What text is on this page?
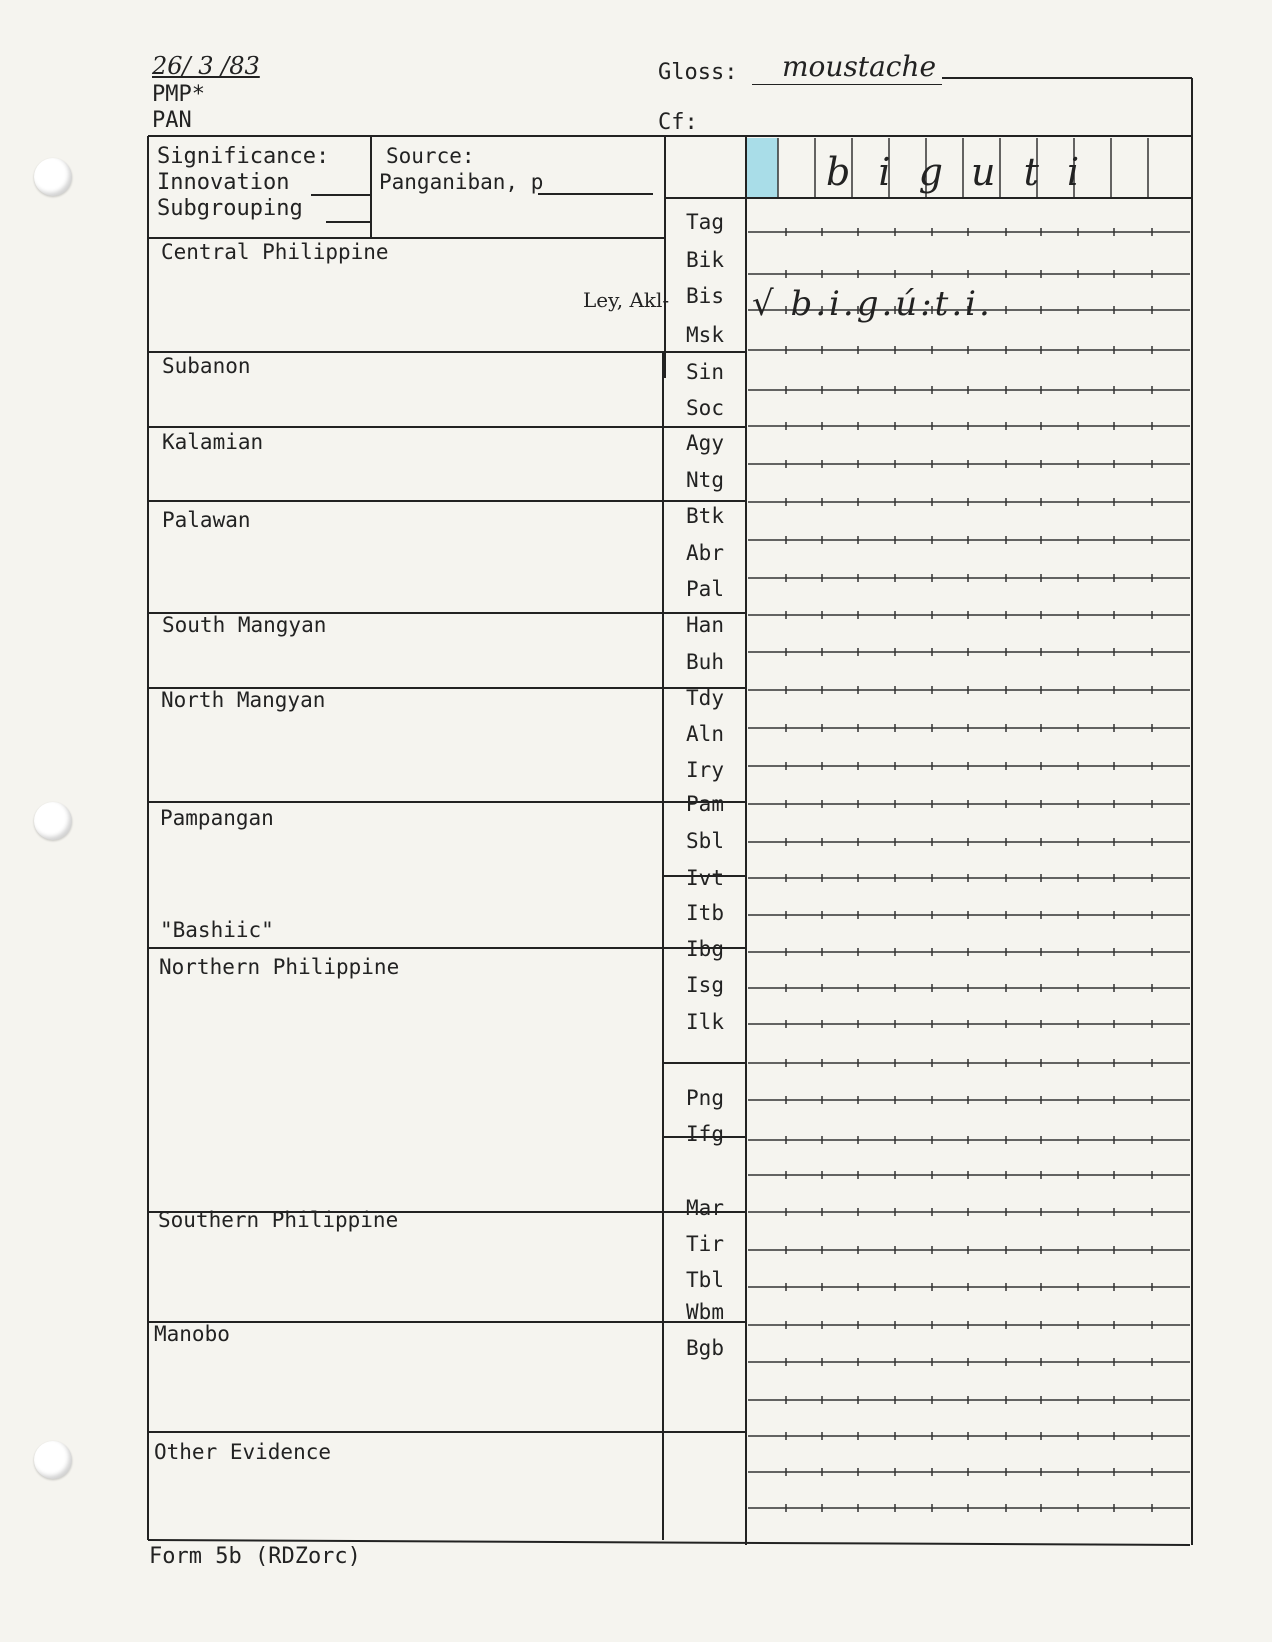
26/ 3 /83
PMP*
PAN
Gloss: moustache
Cf:
Significance:
Innovation
Subgrouping
Source:
Panganiban, p	b i g u t i
Central Philippine
Subanon
Kalamian
Palawan
South Mangyan
North Mangyan
Pampangan
"Bashiic"
Northern Philippine
Southern Philippine
Manobo
Other Evidence
Ley, Akl-
Tag
Bik
Bis
Msk
Sin
Soc
Agy
Ntg
Btk
Abr
Pal
Han
Buh
Tdy
Aln
Iry
Pam
Sbl
Ivt
Itb
Ibg
Isg
Ilk
Png
Ifg
Mar
Tir
Tbl
Wbm
Bgb
√ b.i.g.ú:t.i.
Form 5b (RDZorc)
